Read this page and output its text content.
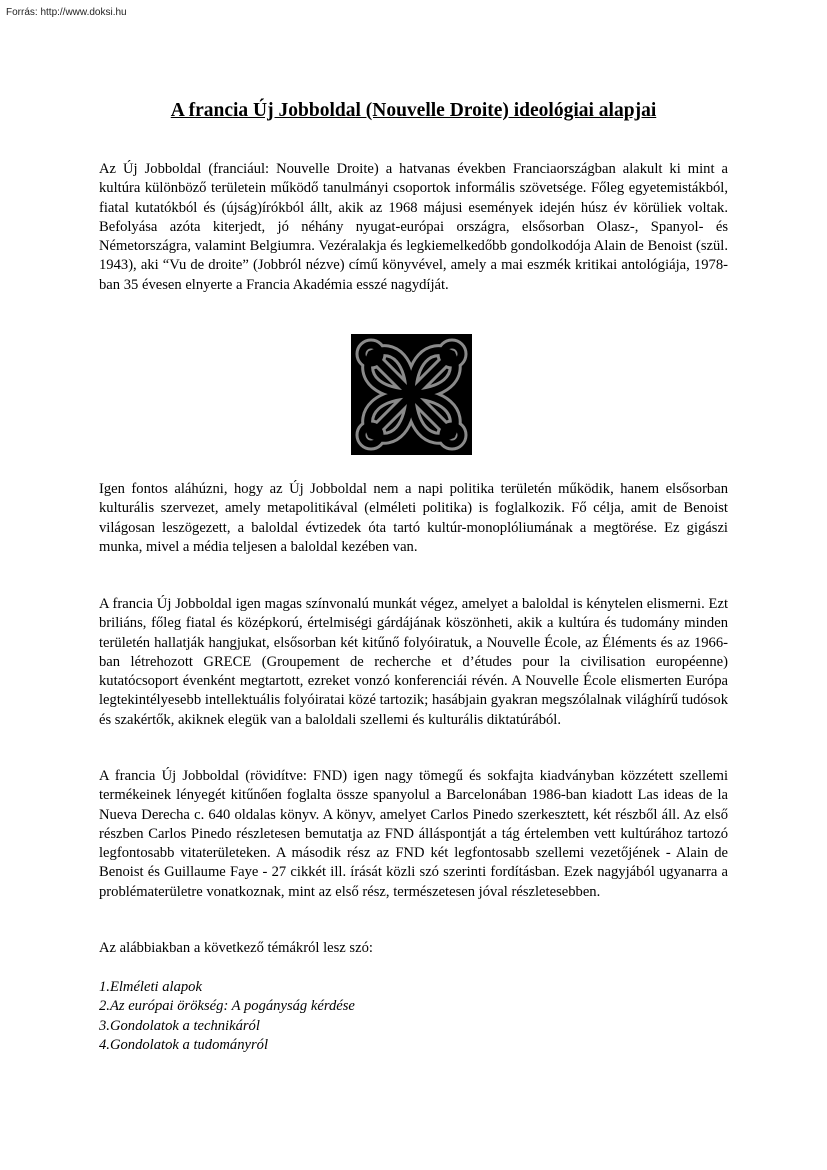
Forrás: http://www.doksi.hu
A francia Új Jobboldal (Nouvelle Droite) ideológiai alapjai

Az Új Jobboldal (franciául: Nouvelle Droite) a hatvanas években Franciaországban alakult ki mint a kultúra különböző területein működő tanulmányi csoportok informális szövetsége. Főleg egyetemistákból, fiatal kutatókból és (újság)írókból állt, akik az 1968 májusi események idején húsz év körüliek voltak. Befolyása azóta kiterjedt, jó néhány nyugat-európai országra, elsősorban Olasz-, Spanyol- és Németországra, valamint Belgiumra. Vezéralakja és legkiemelkedőbb gondolkodója Alain de Benoist (szül. 1943), aki “Vu de droite” (Jobbról nézve) című könyvével, amely a mai eszmék kritikai antológiája, 1978-ban 35 évesen elnyerte a Francia Akadémia esszé nagydíját.

Igen fontos aláhúzni, hogy az Új Jobboldal nem a napi politika területén működik, hanem elsősorban kulturális szervezet, amely metapolitikával (elméleti politika) is foglalkozik. Fő célja, amit de Benoist világosan leszögezett, a baloldal évtizedek óta tartó kultúr-monoplóliumának a megtörése. Ez gigászi munka, mivel a média teljesen a baloldal kezében van.

A francia Új Jobboldal igen magas színvonalú munkát végez, amelyet a baloldal is kénytelen elismerni. Ezt briliáns, főleg fiatal és középkorú, értelmiségi gárdájának köszönheti, akik a kultúra és tudomány minden területén hallatják hangjukat, elsősorban két kitűnő folyóiratuk, a Nouvelle École, az Éléments és az 1966-ban létrehozott GRECE (Groupement de recherche et d’études pour la civilisation européenne) kutatócsoport évenként megtartott, ezreket vonzó konferenciái révén. A Nouvelle École elismerten Európa legtekintélyesebb intellektuális folyóiratai közé tartozik; hasábjain gyakran megszólalnak világhírű tudósok és szakértők, akiknek elegük van a baloldali szellemi és kulturális diktatúrából.

A francia Új Jobboldal (rövidítve: FND) igen nagy tömegű és sokfajta kiadványban közzétett szellemi termékeinek lényegét kitűnően foglalta össze spanyolul a Barcelonában 1986-ban kiadott Las ideas de la Nueva Derecha c. 640 oldalas könyv. A könyv, amelyet Carlos Pinedo szerkesztett, két részből áll. Az első részben Carlos Pinedo részletesen bemutatja az FND álláspontját a tág értelemben vett kultúrához tartozó legfontosabb vitaterületeken. A második rész az FND két legfontosabb szellemi vezetőjének - Alain de Benoist és Guillaume Faye - 27 cikkét ill. írását közli szó szerinti fordításban. Ezek nagyjából ugyanarra a problématerületre vonatkoznak, mint az első rész, természetesen jóval részletesebben.

Az alábbiakban a következő témákról lesz szó:

1.Elméleti alapok
2.Az európai örökség: A pogányság kérdése
3.Gondolatok a technikáról
4.Gondolatok a tudományról
